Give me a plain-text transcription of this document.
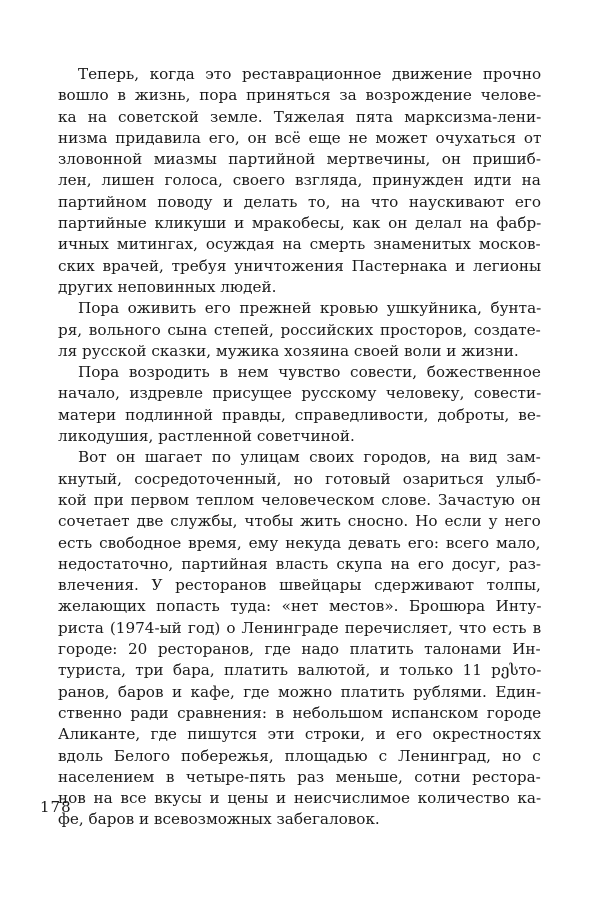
Теперь, когда это реставрационное движение прочно
вошло в жизнь, пора приняться за возрождение челове-
ка на советской земле. Тяжелая пята марксизма-лени-
низма придавила его, он всё еще не может очухаться от
зловонной миазмы партийной мертвечины, он пришиб-
лен, лишен голоса, своего взгляда, принужден идти на
партийном поводу и делать то, на что наускивают его
партийные кликуши и мракобесы, как он делал на фабр-
ичных митингах, осуждая на смерть знаменитых москов-
ских врачей, требуя уничтожения Пастернака и легионы
других неповинных людей.
Пора оживить его прежней кровью ушкуйника, бунта-
ря, вольного сына степей, российских просторов, создате-
ля русской сказки, мужика хозяина своей воли и жизни.
Пора возродить в нем чувство совести, божественное
начало, издревле присущее русскому человеку, совести-
матери подлинной правды, справедливости, доброты, ве-
ликодушия, растленной советчиной.
Вот он шагает по улицам своих городов, на вид зам-
кнутый, сосредоточенный, но готовый озариться улыб-
кой при первом теплом человеческом слове. Зачастую он
сочетает две службы, чтобы жить сносно. Но если у него
есть свободное время, ему некуда девать его: всего мало,
недостаточно, партийная власть скупа на его досуг, раз-
влечения. У ресторанов швейцары сдерживают толпы,
желающих попасть туда: «нет местов». Брошюра Инту-
риста (1974-ый год) о Ленинграде перечисляет, что есть в
городе: 20 ресторанов, где надо платить талонами Ин-
туриста, три бара, платить валютой, и только 11 рესто-
ранов, баров и кафе, где можно платить рублями. Един-
ственно ради сравнения: в небольшом испанском городе
Аликанте, где пишутся эти строки, и его окрестностях
вдоль Белого побережья, площадью с Ленинград, но с
населением в четыре-пять раз меньше, сотни рестора-
нов на все вкусы и цены и неисчислимое количество ка-
фе, баров и всевозможных забегаловок.
178
